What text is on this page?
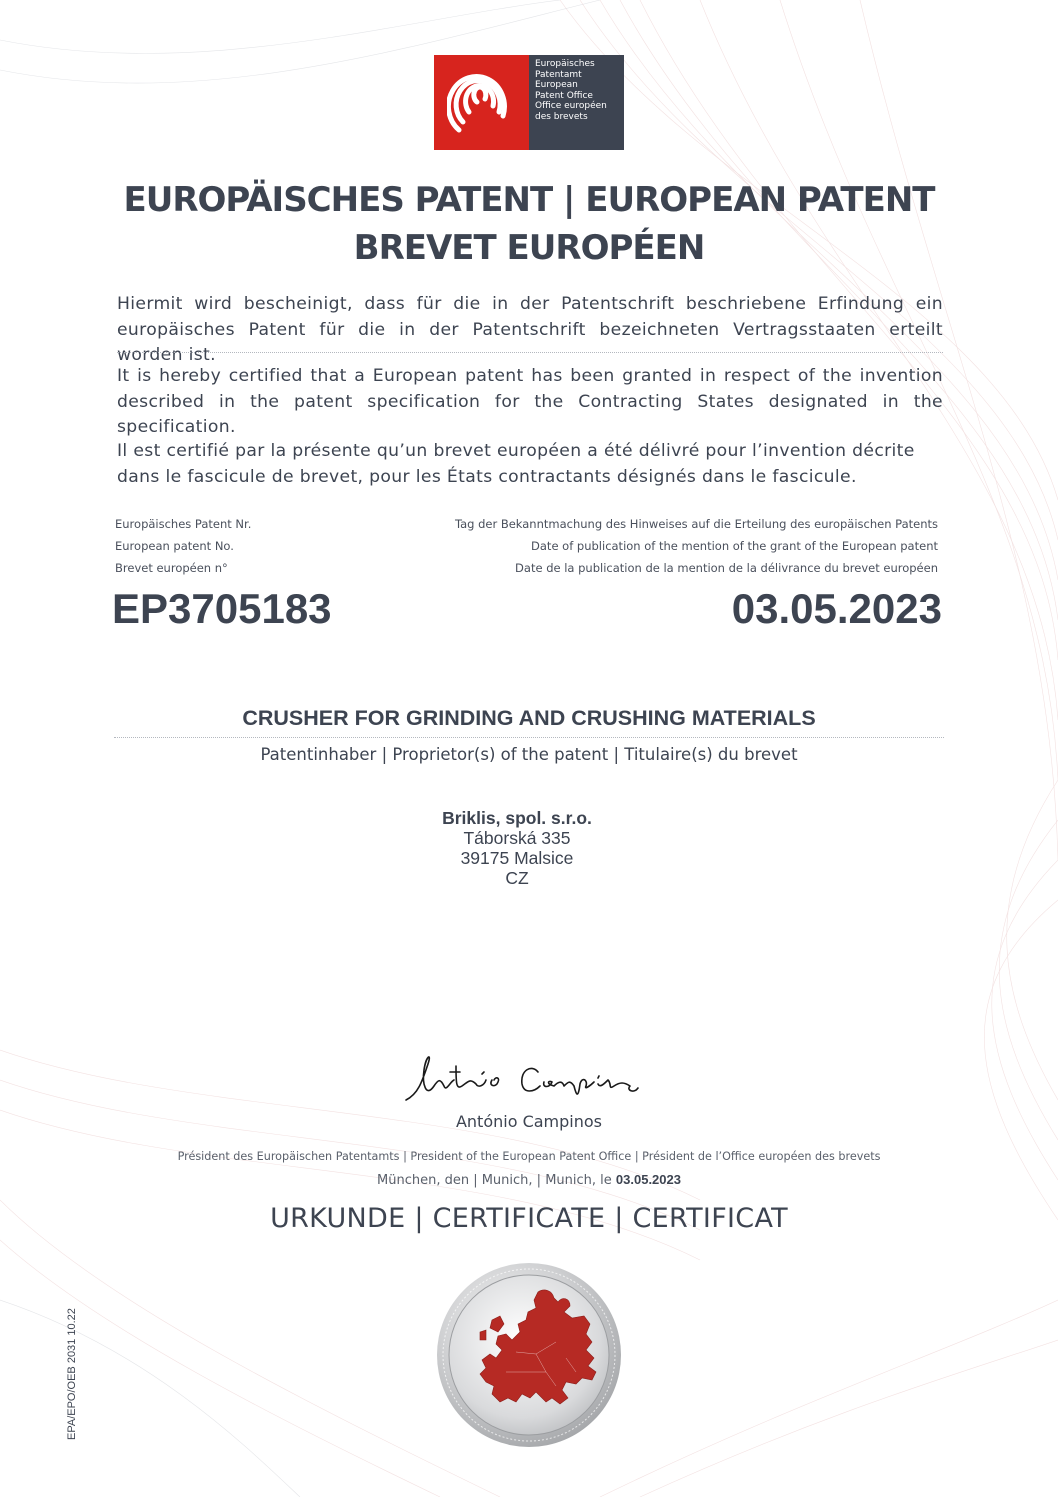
Europäisches
Patentamt
European
Patent Office
Office européen
des brevets
EUROPÄISCHES PATENT | EUROPEAN PATENT
BREVET EUROPÉEN
Hiermit wird bescheinigt, dass für die in der Patentschrift beschriebene Erfindung ein europäisches Patent für die in der Patentschrift bezeichneten Vertragsstaaten erteilt worden ist.
It is hereby certified that a European patent has been granted in respect of the invention described in the patent specification for the Contracting States designated in the specification.
Il est certifié par la présente qu’un brevet européen a été délivré pour l’invention décrite dans le fascicule de brevet, pour les États contractants désignés dans le fascicule.
Europäisches Patent Nr.
European patent No.
Brevet européen n°
Tag der Bekanntmachung des Hinweises auf die Erteilung des europäischen Patents
Date of publication of the mention of the grant of the European patent
Date de la publication de la mention de la délivrance du brevet européen
EP3705183	03.05.2023
CRUSHER FOR GRINDING AND CRUSHING MATERIALS
Patentinhaber | Proprietor(s) of the patent | Titulaire(s) du brevet
Briklis, spol. s.r.o.
Táborská 335
39175 Malsice
CZ
António Campinos
Président des Europäischen Patentamts | President of the European Patent Office | Président de l’Office européen des brevets
München, den | Munich, | Munich, le 03.05.2023
URKUNDE | CERTIFICATE | CERTIFICAT
EPA/EPO/OEB 2031 10.22
